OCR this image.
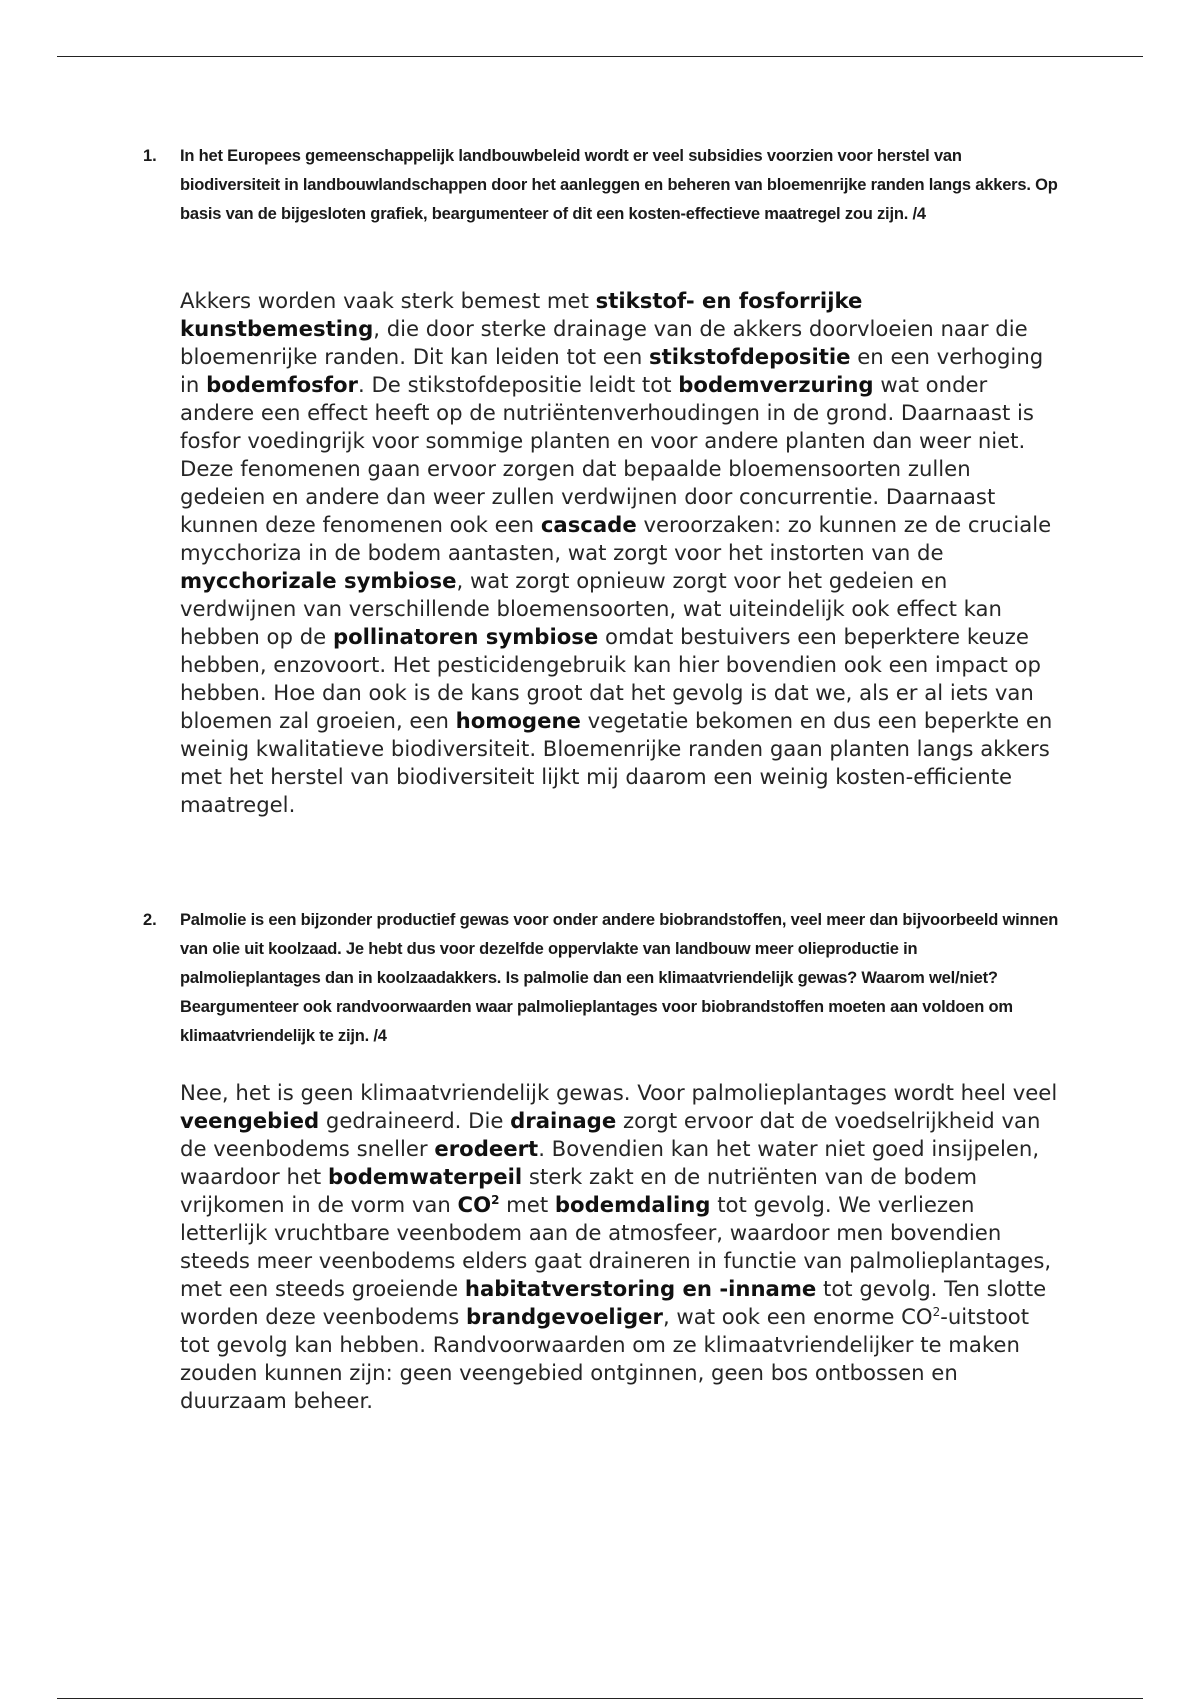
1. In het Europees gemeenschappelijk landbouwbeleid wordt er veel subsidies voorzien voor herstel van biodiversiteit in landbouwlandschappen door het aanleggen en beheren van bloemenrijke randen langs akkers. Op basis van de bijgesloten grafiek, beargumenteer of dit een kosten-effectieve maatregel zou zijn. /4
Akkers worden vaak sterk bemest met stikstof- en fosforrijke kunstbemesting, die door sterke drainage van de akkers doorvloeien naar die bloemenrijke randen. Dit kan leiden tot een stikstofdepositie en een verhoging in bodemfosfor. De stikstofdepositie leidt tot bodemverzuring wat onder andere een effect heeft op de nutriëntenverhoudingen in de grond. Daarnaast is fosfor voedingrijk voor sommige planten en voor andere planten dan weer niet. Deze fenomenen gaan ervoor zorgen dat bepaalde bloemensoorten zullen gedeien en andere dan weer zullen verdwijnen door concurrentie. Daarnaast kunnen deze fenomenen ook een cascade veroorzaken: zo kunnen ze de cruciale mycchoriza in de bodem aantasten, wat zorgt voor het instorten van de mycchorizale symbiose, wat zorgt opnieuw zorgt voor het gedeien en verdwijnen van verschillende bloemensoorten, wat uiteindelijk ook effect kan hebben op de pollinatoren symbiose omdat bestuivers een beperktere keuze hebben, enzovoort. Het pesticidengebruik kan hier bovendien ook een impact op hebben. Hoe dan ook is de kans groot dat het gevolg is dat we, als er al iets van bloemen zal groeien, een homogene vegetatie bekomen en dus een beperkte en weinig kwalitatieve biodiversiteit. Bloemenrijke randen gaan planten langs akkers met het herstel van biodiversiteit lijkt mij daarom een weinig kosten-efficiente maatregel.
2. Palmolie is een bijzonder productief gewas voor onder andere biobrandstoffen, veel meer dan bijvoorbeeld winnen van olie uit koolzaad. Je hebt dus voor dezelfde oppervlakte van landbouw meer olieproductie in palmolieplantages dan in koolzaadakkers. Is palmolie dan een klimaatvriendelijk gewas? Waarom wel/niet? Beargumenteer ook randvoorwaarden waar palmolieplantages voor biobrandstoffen moeten aan voldoen om klimaatvriendelijk te zijn. /4
Nee, het is geen klimaatvriendelijk gewas. Voor palmolieplantages wordt heel veel veengebied gedraineerd. Die drainage zorgt ervoor dat de voedselrijkheid van de veenbodems sneller erodeert. Bovendien kan het water niet goed insijpelen, waardoor het bodemwaterpeil sterk zakt en de nutriënten van de bodem vrijkomen in de vorm van $CO^2$ met bodemdaling tot gevolg. We verliezen letterlijk vruchtbare veenbodem aan de atmosfeer, waardoor men bovendien steeds meer veenbodems elders gaat draineren in functie van palmolieplantages, met een steeds groeiende habitatverstoring en -inname tot gevolg. Ten slotte worden deze veenbodems brandgevoeliger, wat ook een enorme $CO^2$-uitstoot tot gevolg kan hebben. Randvoorwaarden om ze klimaatvriendelijker te maken zouden kunnen zijn: geen veengebied ontginnen, geen bos ontbossen en duurzaam beheer.
